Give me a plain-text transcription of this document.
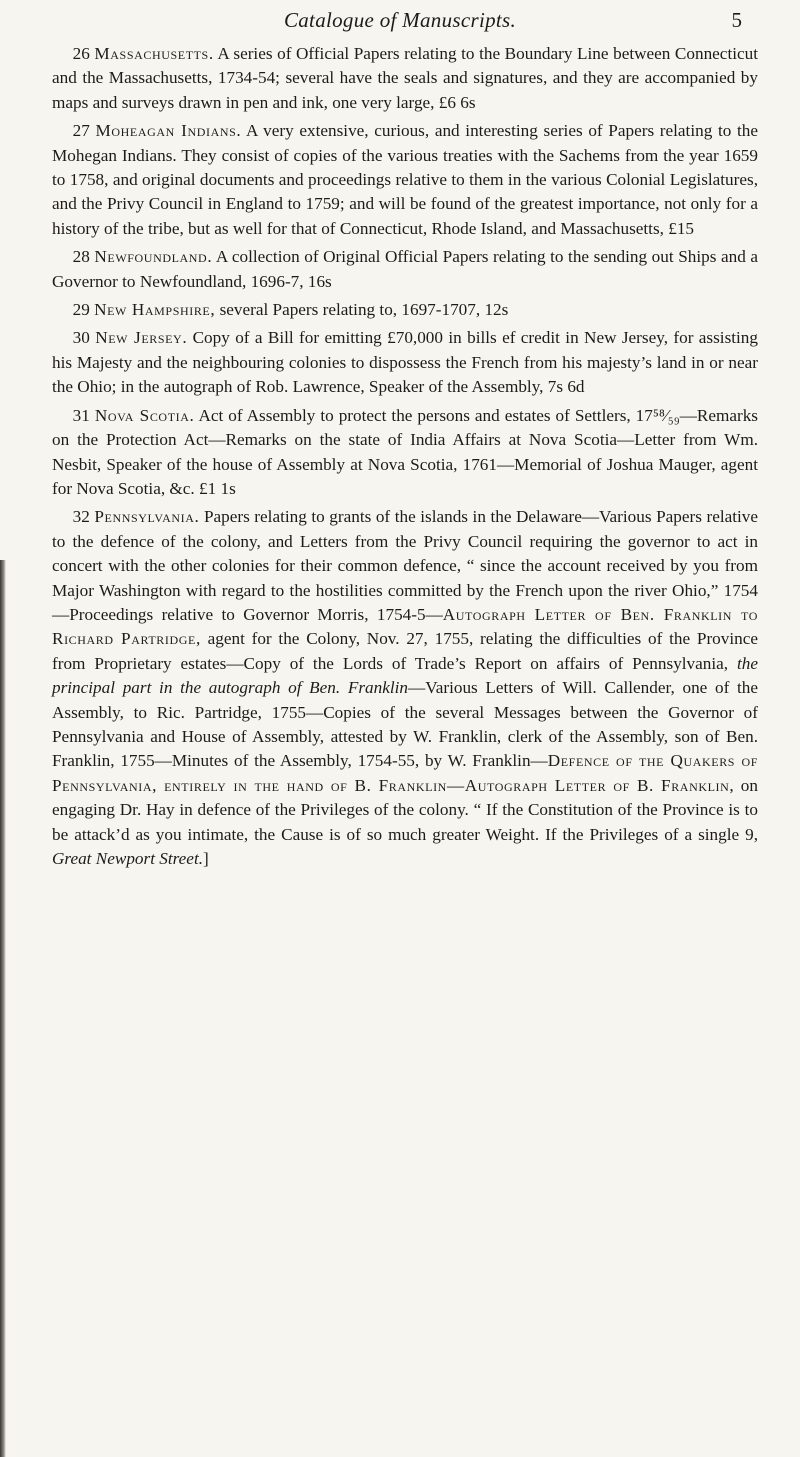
Catalogue of Manuscripts.	5

26 Massachusetts. A series of Official Papers relating to the Boundary Line between Connecticut and the Massachusetts, 1734-54; several have the seals and signatures, and they are accompanied by maps and surveys drawn in pen and ink, one very large, £6 6s

27 Moheagan Indians. A very extensive, curious, and interesting series of Papers relating to the Mohegan Indians. They consist of copies of the various treaties with the Sachems from the year 1659 to 1758, and original documents and proceedings relative to them in the various Colonial Legislatures, and the Privy Council in England to 1759; and will be found of the greatest importance, not only for a history of the tribe, but as well for that of Connecticut, Rhode Island, and Massachusetts, £15

28 Newfoundland. A collection of Original Official Papers relating to the sending out Ships and a Governor to Newfoundland, 1696-7, 16s

29 New Hampshire, several Papers relating to, 1697-1707, 12s

30 New Jersey. Copy of a Bill for emitting £70,000 in bills ef credit in New Jersey, for assisting his Majesty and the neighbouring colonies to dispossess the French from his majesty’s land in or near the Ohio; in the autograph of Rob. Lawrence, Speaker of the Assembly, 7s 6d

31 Nova Scotia. Act of Assembly to protect the persons and estates of Settlers, 17⁵⁸⁄₅₉—Remarks on the Protection Act—Remarks on the state of India Affairs at Nova Scotia—Letter from Wm. Nesbit, Speaker of the house of Assembly at Nova Scotia, 1761—Memorial of Joshua Mauger, agent for Nova Scotia, &c. £1 1s

32 Pennsylvania. Papers relating to grants of the islands in the Delaware—Various Papers relative to the defence of the colony, and Letters from the Privy Council requiring the governor to act in concert with the other colonies for their common defence, “ since the account received by you from Major Washington with regard to the hostilities committed by the French upon the river Ohio,” 1754—Proceedings relative to Governor Morris, 1754-5—Autograph Letter of Ben. Franklin to Richard Partridge, agent for the Colony, Nov. 27, 1755, relating the difficulties of the Province from Proprietary estates—Copy of the Lords of Trade’s Report on affairs of Pennsylvania, the principal part in the autograph of Ben. Franklin—Various Letters of Will. Callender, one of the Assembly, to Ric. Partridge, 1755—Copies of the several Messages between the Governor of Pennsylvania and House of Assembly, attested by W. Franklin, clerk of the Assembly, son of Ben. Franklin, 1755—Minutes of the Assembly, 1754-55, by W. Franklin—Defence of the Quakers of Pennsylvania, entirely in the hand of B. Franklin—Autograph Letter of B. Franklin, on engaging Dr. Hay in defence of the Privileges of the colony. “ If the Constitution of the Province is to be attack’d as you intimate, the Cause is of so much greater Weight. If the Privileges of a single 9, Great Newport Street.]
